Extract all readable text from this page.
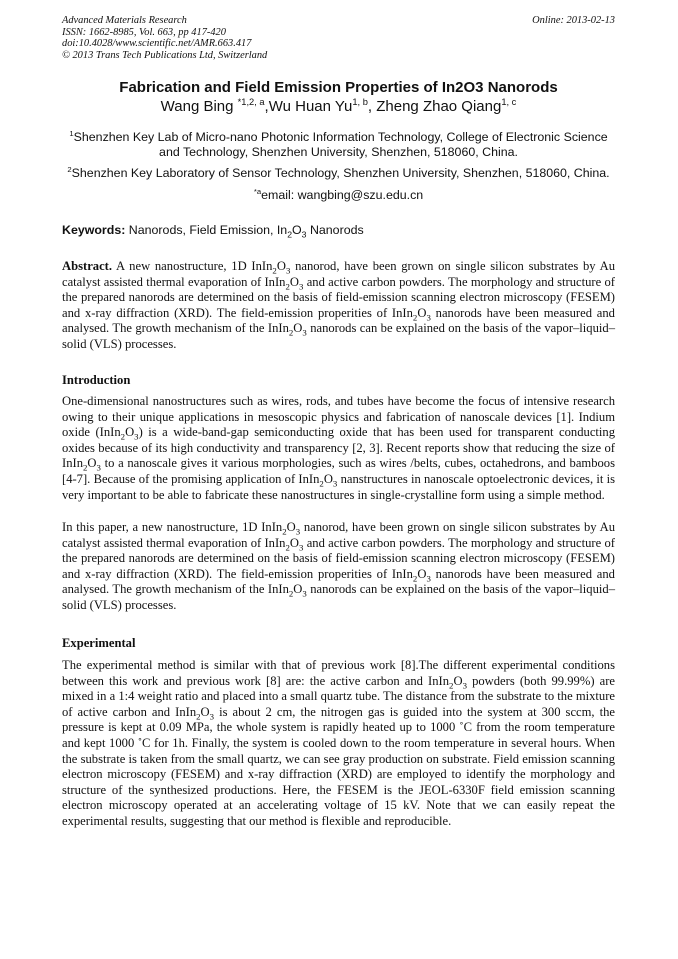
Advanced Materials Research
ISSN: 1662-8985, Vol. 663, pp 417-420
doi:10.4028/www.scientific.net/AMR.663.417
© 2013 Trans Tech Publications Ltd, Switzerland
Online: 2013-02-13
Fabrication and Field Emission Properties of In2O3 Nanorods
Wang Bing $^{*1,2, a}$,Wu Huan Yu$^{1, b}$, Zheng Zhao Qiang$^{1, c}$
$^1$Shenzhen Key Lab of Micro-nano Photonic Information Technology, College of Electronic Science and Technology, Shenzhen University, Shenzhen, 518060, China.
$^2$Shenzhen Key Laboratory of Sensor Technology, Shenzhen University, Shenzhen, 518060, China.
$^{*a}$email: wangbing@szu.edu.cn
Keywords: Nanorods, Field Emission, $In_2O_3$ Nanorods
Abstract. A new nanostructure, 1D $InIn_2O_3$ nanorod, have been grown on single silicon substrates by Au catalyst assisted thermal evaporation of $InIn_2O_3$ and active carbon powders. The morphology and structure of the prepared nanorods are determined on the basis of field-emission scanning electron microscopy (FESEM) and x-ray diffraction (XRD). The field-emission properities of $InIn_2O_3$ nanorods have been measured and analysed. The growth mechanism of the $InIn_2O_3$ nanorods can be explained on the basis of the vapor–liquid–solid (VLS) processes.
Introduction
One-dimensional nanostructures such as wires, rods, and tubes have become the focus of intensive research owing to their unique applications in mesoscopic physics and fabrication of nanoscale devices [1]. Indium oxide $(InIn_2O_3)$ is a wide-band-gap semiconducting oxide that has been used for transparent conducting oxides because of its high conductivity and transparency [2, 3]. Recent reports show that reducing the size of $InIn_2O_3$ to a nanoscale gives it various morphologies, such as wires /belts, cubes, octahedrons, and bamboos [4-7]. Because of the promising application of $InIn_2O_3$ nanstructures in nanoscale optoelectronic devices, it is very important to be able to fabricate these nanostructures in single-crystalline form using a simple method.
In this paper, a new nanostructure, 1D $InIn_2O_3$ nanorod, have been grown on single silicon substrates by Au catalyst assisted thermal evaporation of $InIn_2O_3$ and active carbon powders. The morphology and structure of the prepared nanorods are determined on the basis of field-emission scanning electron microscopy (FESEM) and x-ray diffraction (XRD). The field-emission properities of $InIn_2O_3$ nanorods have been measured and analysed. The growth mechanism of the $InIn_2O_3$ nanorods can be explained on the basis of the vapor–liquid–solid (VLS) processes.
Experimental
The experimental method is similar with that of previous work [8].The different experimental conditions between this work and previous work [8] are: the active carbon and $InIn_2O_3$ powders (both 99.99%) are mixed in a 1:4 weight ratio and placed into a small quartz tube. The distance from the substrate to the mixture of active carbon and $InIn_2O_3$ is about 2 cm, the nitrogen gas is guided into the system at 300 sccm, the pressure is kept at 0.09 MPa, the whole system is rapidly heated up to 1000 ˚C from the room temperature and kept 1000 ˚C for 1h. Finally, the system is cooled down to the room temperature in several hours. When the substrate is taken from the small quartz, we can see gray production on substrate. Field emission scanning electron microscopy (FESEM) and x-ray diffraction (XRD) are employed to identify the morphology and structure of the synthesized productions. Here, the FESEM is the JEOL-6330F field emission scanning electron microscopy operated at an accelerating voltage of 15 kV. Note that we can easily repeat the experimental results, suggesting that our method is flexible and reproducible.
